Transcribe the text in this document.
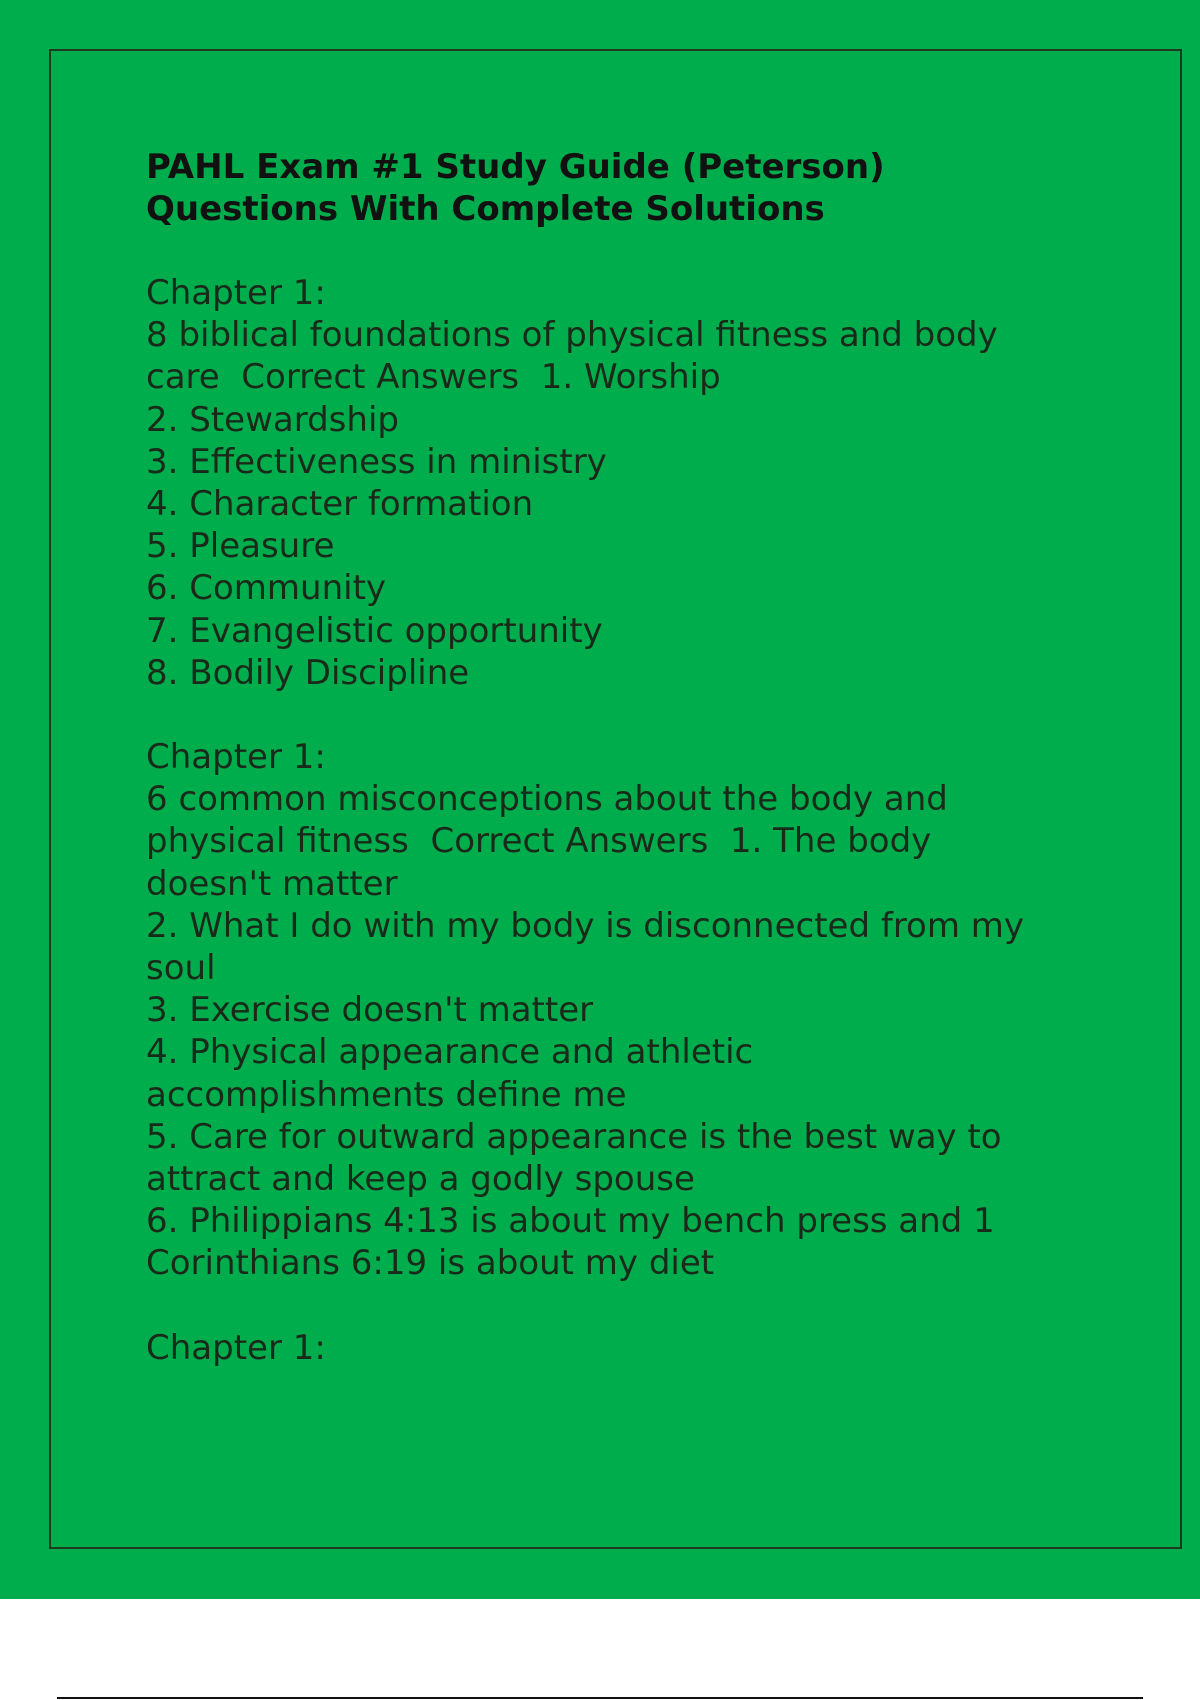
PAHL Exam #1 Study Guide (Peterson)
Questions With Complete Solutions
Chapter 1:
8 biblical foundations of physical fitness and body
care  Correct Answers  1. Worship
2. Stewardship
3. Effectiveness in ministry
4. Character formation
5. Pleasure
6. Community
7. Evangelistic opportunity
8. Bodily Discipline
Chapter 1:
6 common misconceptions about the body and
physical fitness  Correct Answers  1. The body
doesn't matter
2. What I do with my body is disconnected from my
soul
3. Exercise doesn't matter
4. Physical appearance and athletic
accomplishments define me
5. Care for outward appearance is the best way to
attract and keep a godly spouse
6. Philippians 4:13 is about my bench press and 1
Corinthians 6:19 is about my diet
Chapter 1:
